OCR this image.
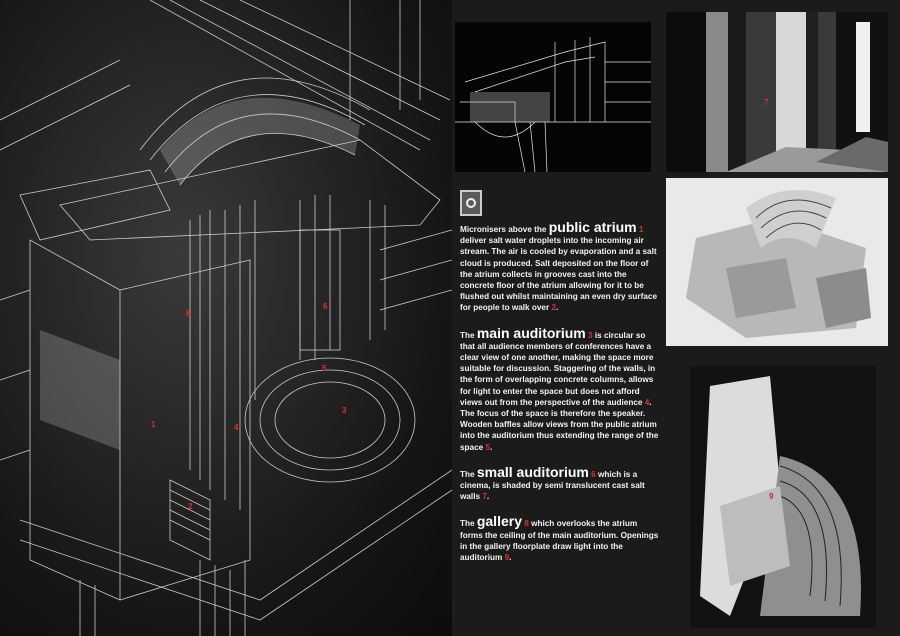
1
2
3
4
5
6
8
7
9

Micronisers above the public atrium 1 deliver salt water droplets into the incoming air stream. The air is cooled by evaporation and a salt cloud is produced. Salt deposited on the floor of the atrium collects in grooves cast into the concrete floor of the atrium allowing for it to be flushed out whilst maintaining an even dry surface for people to walk over 2.

The main auditorium 3 is circular so that all audience members of conferences have a clear view of one another, making the space more suitable for discussion. Staggering of the walls, in the form of overlapping concrete columns, allows for light to enter the space but does not afford views out from the perspective of the audience 4. The focus of the space is therefore the speaker. Wooden baffles allow views from the public atrium into the auditorium thus extending the range of the space 5.

The small auditorium 6 which is a cinema, is shaded by semi translucent cast salt walls 7.

The gallery 8 which overlooks the atrium forms the ceiling of the main auditorium. Openings in the gallery floorplate draw light into the auditorium 9.
